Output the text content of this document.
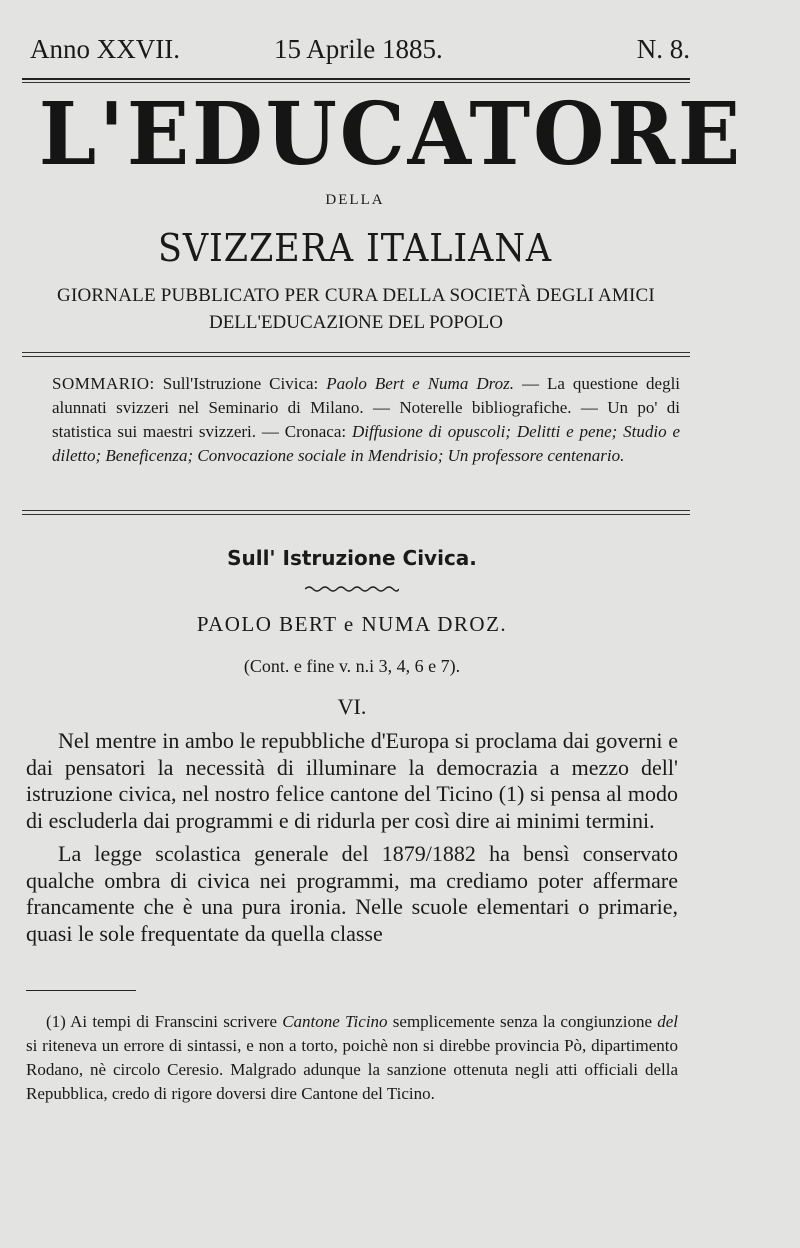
Anno XXVII.	15 Aprile 1885.	N. 8.
L'EDUCATORE
DELLA
SVIZZERA ITALIANA
GIORNALE PUBBLICATO PER CURA DELLA SOCIETÀ DEGLI AMICI
DELL'EDUCAZIONE DEL POPOLO
SOMMARIO: Sull'Istruzione Civica: Paolo Bert e Numa Droz. — La questione degli alunnati svizzeri nel Seminario di Milano. — Noterelle bibliografiche. — Un po' di statistica sui maestri svizzeri. — Cronaca: Diffusione di opuscoli; Delitti e pene; Studio e diletto; Beneficenza; Convocazione sociale in Mendrisio; Un professore centenario.
Sull' Istruzione Civica.
PAOLO BERT e NUMA DROZ.
(Cont. e fine v. n.i 3, 4, 6 e 7).
VI.

Nel mentre in ambo le repubbliche d'Europa si proclama dai governi e dai pensatori la necessità di illuminare la democrazia a mezzo dell' istruzione civica, nel nostro felice cantone del Ticino (1) si pensa al modo di escluderla dai programmi e di ridurla per così dire ai minimi termini.

La legge scolastica generale del 1879/1882 ha bensì conservato qualche ombra di civica nei programmi, ma crediamo poter affermare francamente che è una pura ironia. Nelle scuole elementari o primarie, quasi le sole frequentate da quella classe

(1) Ai tempi di Franscini scrivere Cantone Ticino semplicemente senza la congiunzione del si riteneva un errore di sintassi, e non a torto, poichè non si direbbe provincia Pò, dipartimento Rodano, nè circolo Ceresio. Malgrado adunque la sanzione ottenuta negli atti officiali della Repubblica, credo di rigore doversi dire Cantone del Ticino.
